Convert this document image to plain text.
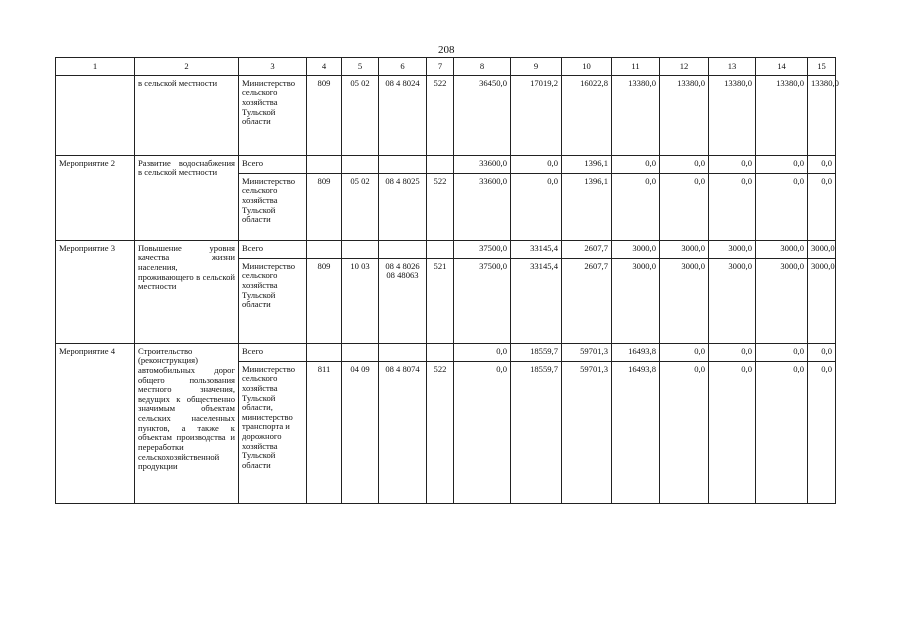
208
1	2	3	4	5	6	7	8	9	10	11	12	13	14	15
	в сельской местности	Министерство сельского хозяйства Тульской области	809	05 02	08 4 8024	522	36450,0	17019,2	16022,8	13380,0	13380,0	13380,0	13380,0	13380,0
Мероприятие 2	Развитие водоснабжения в сельской местности	Всего					33600,0	0,0	1396,1	0,0	0,0	0,0	0,0	0,0
		Министерство сельского хозяйства Тульской области	809	05 02	08 4 8025	522	33600,0	0,0	1396,1	0,0	0,0	0,0	0,0	0,0
Мероприятие 3	Повышение уровня качества жизни населения, проживающего в сельской местности	Всего					37500,0	33145,4	2607,7	3000,0	3000,0	3000,0	3000,0	3000,0
		Министерство сельского хозяйства Тульской области	809	10 03	08 4 8026 08 48063	521	37500,0	33145,4	2607,7	3000,0	3000,0	3000,0	3000,0	3000,0
Мероприятие 4	Строительство (реконструкция) автомобильных дорог общего пользования местного значения, ведущих к общественно значимым объектам сельских населенных пунктов, а также к объектам производства и переработки сельскохозяйственной продукции	Всего					0,0	18559,7	59701,3	16493,8	0,0	0,0	0,0	0,0
		Министерство сельского хозяйства Тульской области, министерство транспорта и дорожного хозяйства Тульской области	811	04 09	08 4 8074	522	0,0	18559,7	59701,3	16493,8	0,0	0,0	0,0	0,0
